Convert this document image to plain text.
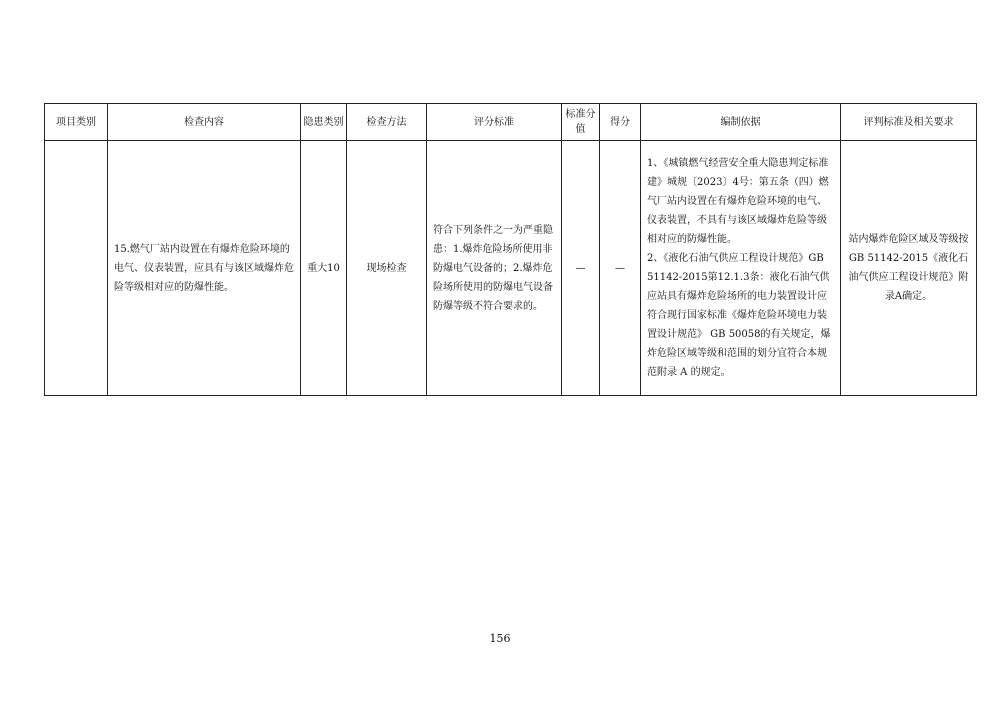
项目类别	检查内容	隐患类别	检查方法	评分标准	标准分值	得分	编制依据	评判标准及相关要求
	15.燃气厂站内设置在有爆炸危险环境的电气、仪表装置，应具有与该区域爆炸危险等级相对应的防爆性能。	重大10	现场检查	符合下列条件之一为严重隐患：1.爆炸危险场所使用非防爆电气设备的；2.爆炸危险场所使用的防爆电气设备防爆等级不符合要求的。	—	—	1、《城镇燃气经营安全重大隐患判定标准建》城规〔2023〕4号：第五条（四）燃气厂站内设置在有爆炸危险环境的电气、仪表装置，不具有与该区域爆炸危险等级相对应的防爆性能。

2、《液化石油气供应工程设计规范》GB 51142-2015第12.1.3条：液化石油气供应站具有爆炸危险场所的电力装置设计应符合现行国家标准《爆炸危险环境电力装置设计规范》 GB 50058的有关规定，爆炸危险区域等级和范围的划分宜符合本规范附录 A 的规定。	站内爆炸危险区域及等级按GB 51142-2015《液化石油气供应工程设计规范》附录A确定。
156
